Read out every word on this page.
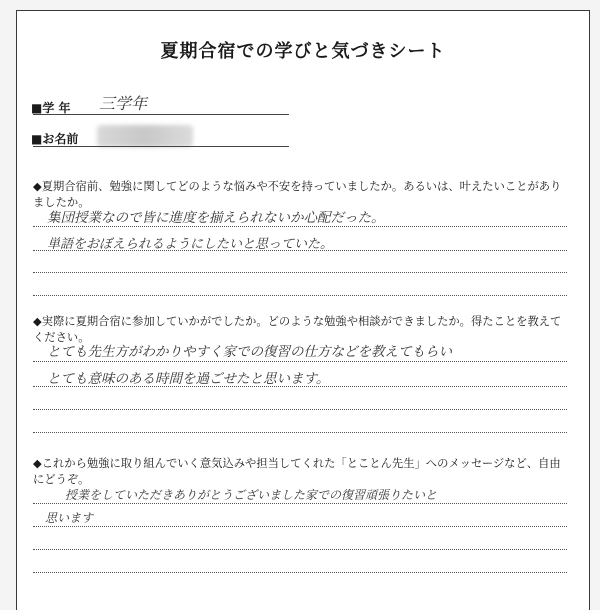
夏期合宿での学びと気づきシート
■学 年 三学年
■お名前
◆夏期合宿前、勉強に関してどのような悩みや不安を持っていましたか。あるいは、叶えたいことがありましたか。
集団授業なので皆に進度を揃えられないか心配だった。
単語をおぼえられるようにしたいと思っていた。
◆実際に夏期合宿に参加していかがでしたか。どのような勉強や相談ができましたか。得たことを教えてください。
とても先生方がわかりやすく家での復習の仕方などを教えてもらい
とても意味のある時間を過ごせたと思います。
◆これから勉強に取り組んでいく意気込みや担当してくれた「とことん先生」へのメッセージなど、自由にどうぞ。
授業をしていただきありがとうございました家での復習頑張りたいと
思います
